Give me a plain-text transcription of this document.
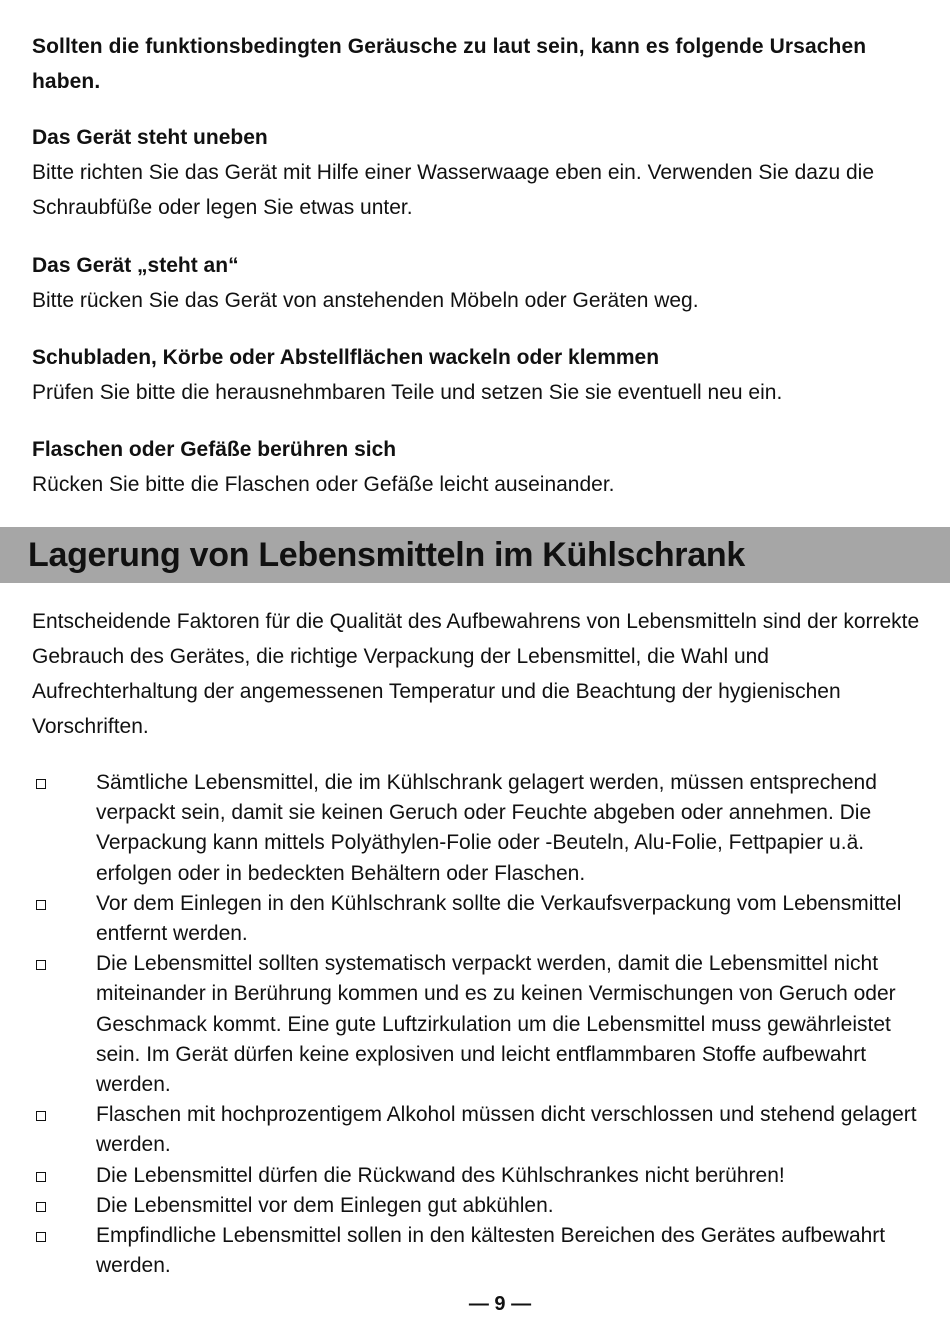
Sollten die funktionsbedingten Geräusche zu laut sein, kann es folgende Ursachen haben.
Das Gerät steht uneben
Bitte richten Sie das Gerät mit Hilfe einer Wasserwaage eben ein. Verwenden Sie dazu die Schraubfüße oder legen Sie etwas unter.
Das Gerät „steht an“
Bitte rücken Sie das Gerät von anstehenden Möbeln oder Geräten weg.
Schubladen, Körbe oder Abstellflächen wackeln oder klemmen
Prüfen Sie bitte die herausnehmbaren Teile und setzen Sie sie eventuell neu ein.
Flaschen oder Gefäße berühren sich
Rücken Sie bitte die Flaschen oder Gefäße leicht auseinander.
Lagerung von Lebensmitteln im Kühlschrank
Entscheidende Faktoren für die Qualität des Aufbewahrens von Lebensmitteln sind der korrekte Gebrauch des Gerätes, die richtige Verpackung der Lebensmittel, die Wahl und Aufrechterhaltung der angemessenen Temperatur und die Beachtung der hygienischen Vorschriften.
Sämtliche Lebensmittel, die im Kühlschrank gelagert werden, müssen entsprechend verpackt sein, damit sie keinen Geruch oder Feuchte abgeben oder annehmen. Die Verpackung kann mittels Polyäthylen-Folie oder -Beuteln, Alu-Folie, Fettpapier u.ä. erfolgen oder in bedeckten Behältern oder Flaschen.
Vor dem Einlegen in den Kühlschrank sollte die Verkaufsverpackung vom Lebensmittel entfernt werden.
Die Lebensmittel sollten systematisch verpackt werden, damit die Lebensmittel nicht miteinander in Berührung kommen und es zu keinen Vermischungen von Geruch oder Geschmack kommt. Eine gute Luftzirkulation um die Lebensmittel muss gewährleistet sein. Im Gerät dürfen keine explosiven und leicht entflammbaren Stoffe aufbewahrt werden.
Flaschen mit hochprozentigem Alkohol müssen dicht verschlossen und stehend gelagert werden.
Die Lebensmittel dürfen die Rückwand des Kühlschrankes nicht berühren!
Die Lebensmittel vor dem Einlegen gut abkühlen.
Empfindliche Lebensmittel sollen in den kältesten Bereichen des Gerätes aufbewahrt werden.
— 9 —
